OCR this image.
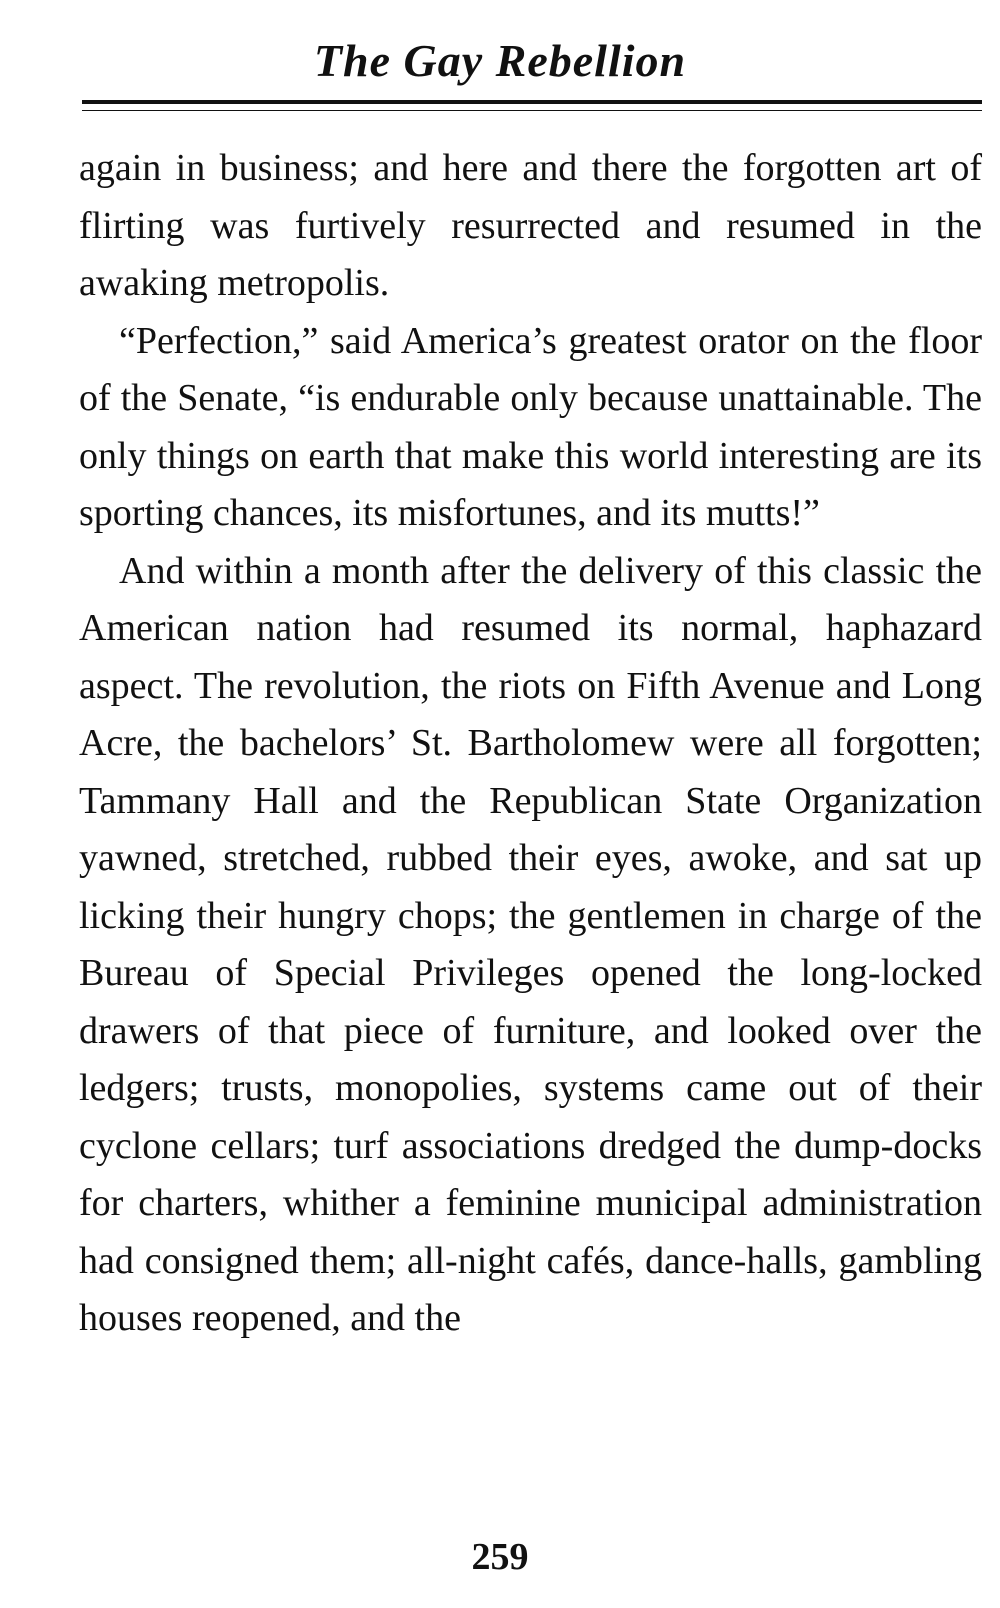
The Gay Rebellion

again in business; and here and there the forgotten art of flirting was furtively resurrected and resumed in the awaking metropolis.

“Perfection,” said America’s greatest orator on the floor of the Senate, “is endurable only because unattainable. The only things on earth that make this world interesting are its sporting chances, its misfortunes, and its mutts!”

And within a month after the delivery of this classic the American nation had resumed its normal, haphazard aspect. The revolution, the riots on Fifth Avenue and Long Acre, the bachelors’ St. Bartholomew were all forgotten; Tammany Hall and the Republican State Organization yawned, stretched, rubbed their eyes, awoke, and sat up licking their hungry chops; the gentlemen in charge of the Bureau of Special Privileges opened the long-locked drawers of that piece of furniture, and looked over the ledgers; trusts, monopolies, systems came out of their cyclone cellars; turf associations dredged the dump-docks for charters, whither a feminine municipal administration had consigned them; all-night cafés, dance-halls, gambling houses reopened, and the

259
